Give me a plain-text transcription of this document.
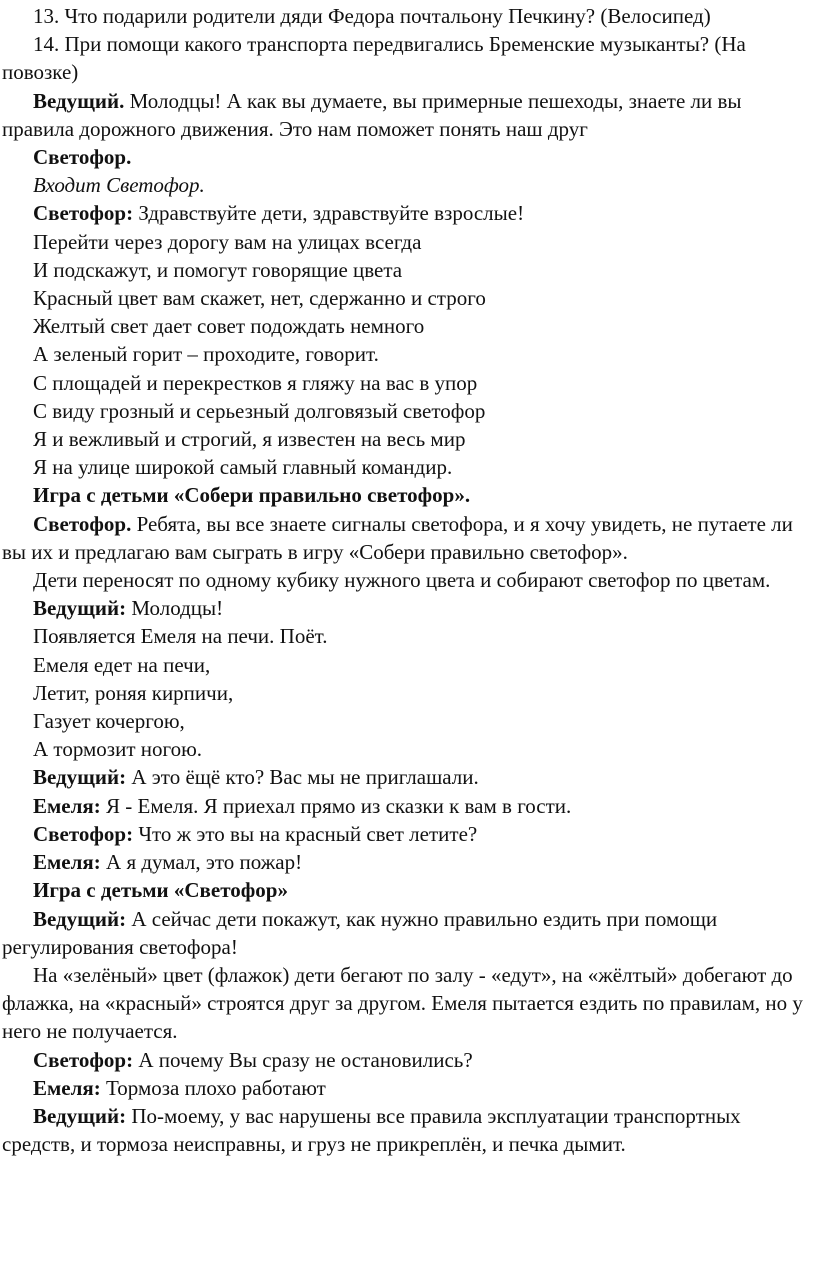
13. Что подарили родители дяди Федора почтальону Печкину? (Велосипед)

14. При помощи какого транспорта передвигались Бременские музыканты? (На повозке)

Ведущий. Молодцы! А как вы думаете, вы примерные пешеходы, знаете ли вы правила дорожного движения. Это нам поможет понять наш друг

Светофор.

Входит Светофор.

Светофор: Здравствуйте дети, здравствуйте взрослые!

Перейти через дорогу вам на улицах всегда

И подскажут, и помогут говорящие цвета

Красный цвет вам скажет, нет, сдержанно и строго

Желтый свет дает совет подождать немного

А зеленый горит – проходите, говорит.

С площадей и перекрестков я гляжу на вас в упор

С виду грозный и серьезный долговязый светофор

Я и вежливый и строгий, я известен на весь мир

Я на улице широкой самый главный командир.

Игра с детьми «Собери правильно светофор».

Светофор. Ребята, вы все знаете сигналы светофора, и я хочу увидеть, не путаете ли вы их и предлагаю вам сыграть в игру «Собери правильно светофор».

Дети переносят по одному кубику нужного цвета и собирают светофор по цветам.

Ведущий: Молодцы!

Появляется Емеля на печи. Поёт.

Емеля едет на печи,

Летит, роняя кирпичи,

Газует кочергою,

А тормозит ногою.

Ведущий: А это ёщё кто? Вас мы не приглашали.

Емеля: Я - Емеля. Я приехал прямо из сказки к вам в гости.

Светофор: Что ж это вы на красный свет летите?

Емеля: А я думал, это пожар!

Игра с детьми «Светофор»

Ведущий: А сейчас дети покажут, как нужно правильно ездить при помощи регулирования светофора!

На «зелёный» цвет (флажок) дети бегают по залу - «едут», на «жёлтый» добегают до флажка, на «красный» строятся друг за другом. Емеля пытается ездить по правилам, но у него не получается.

Светофор: А почему Вы сразу не остановились?

Емеля: Тормоза плохо работают

Ведущий: По-моему, у вас нарушены все правила эксплуатации транспортных средств, и тормоза неисправны, и груз не прикреплён, и печка дымит.
